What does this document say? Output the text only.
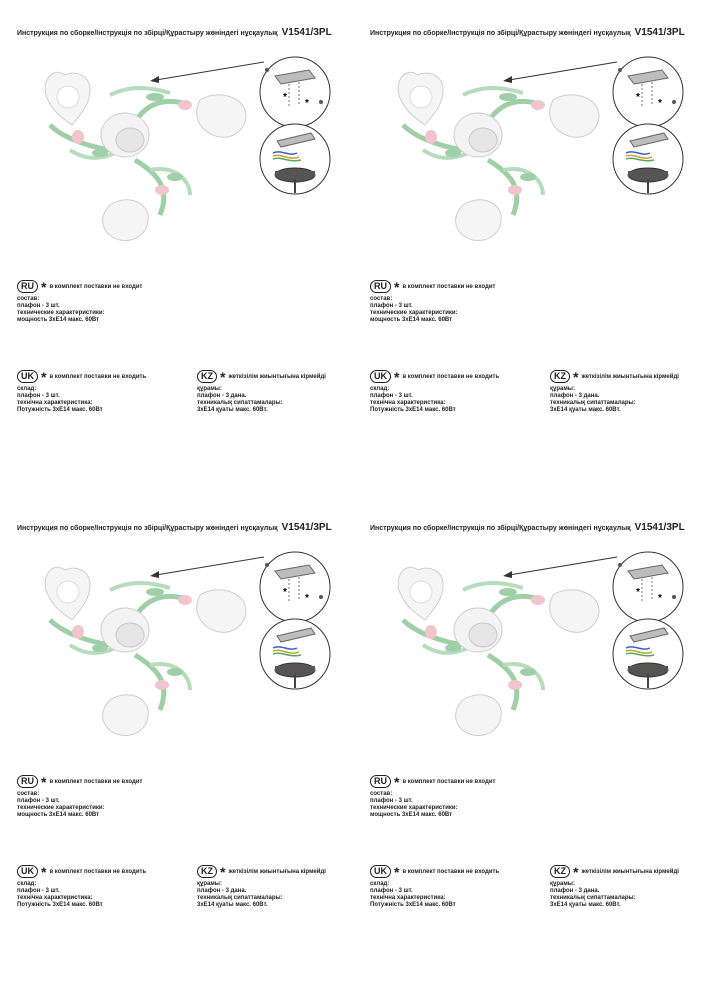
Инструкция по сборке/Інструкція по збірці/Құрастыру жөніндегі нұсқаулық V1541/3PL
*
*
RU * в комплект поставки не входит
состав:
плафон - 3 шт.
технические характеристики:
мощность 3хЕ14 макс. 60Вт
UK * в комплект поставки не входить
склад:
плафон - 3 шт.
технічна характеристика:
Потужність 3хЕ14 макс. 60Вт
KZ * жеткізілім жиынтығына кірмейді
құрамы:
плафон - 3 дана.
техникалық сипаттамалары:
3хЕ14 қуаты макс. 60Вт.
Инструкция по сборке/Інструкція по збірці/Құрастыру жөніндегі нұсқаулық V1541/3PL
*
*
RU * в комплект поставки не входит
состав:
плафон - 3 шт.
технические характеристики:
мощность 3хЕ14 макс. 60Вт
UK * в комплект поставки не входить
склад:
плафон - 3 шт.
технічна характеристика:
Потужність 3хЕ14 макс. 60Вт
KZ * жеткізілім жиынтығына кірмейді
құрамы:
плафон - 3 дана.
техникалық сипаттамалары:
3хЕ14 қуаты макс. 60Вт.
Инструкция по сборке/Інструкція по збірці/Құрастыру жөніндегі нұсқаулық V1541/3PL
*
*
RU * в комплект поставки не входит
состав:
плафон - 3 шт.
технические характеристики:
мощность 3хЕ14 макс. 60Вт
UK * в комплект поставки не входить
склад:
плафон - 3 шт.
технічна характеристика:
Потужність 3хЕ14 макс. 60Вт
KZ * жеткізілім жиынтығына кірмейді
құрамы:
плафон - 3 дана.
техникалық сипаттамалары:
3хЕ14 қуаты макс. 60Вт.
Инструкция по сборке/Інструкція по збірці/Құрастыру жөніндегі нұсқаулық V1541/3PL
*
*
RU * в комплект поставки не входит
состав:
плафон - 3 шт.
технические характеристики:
мощность 3хЕ14 макс. 60Вт
UK * в комплект поставки не входить
склад:
плафон - 3 шт.
технічна характеристика:
Потужність 3хЕ14 макс. 60Вт
KZ * жеткізілім жиынтығына кірмейді
құрамы:
плафон - 3 дана.
техникалық сипаттамалары:
3хЕ14 қуаты макс. 60Вт.
